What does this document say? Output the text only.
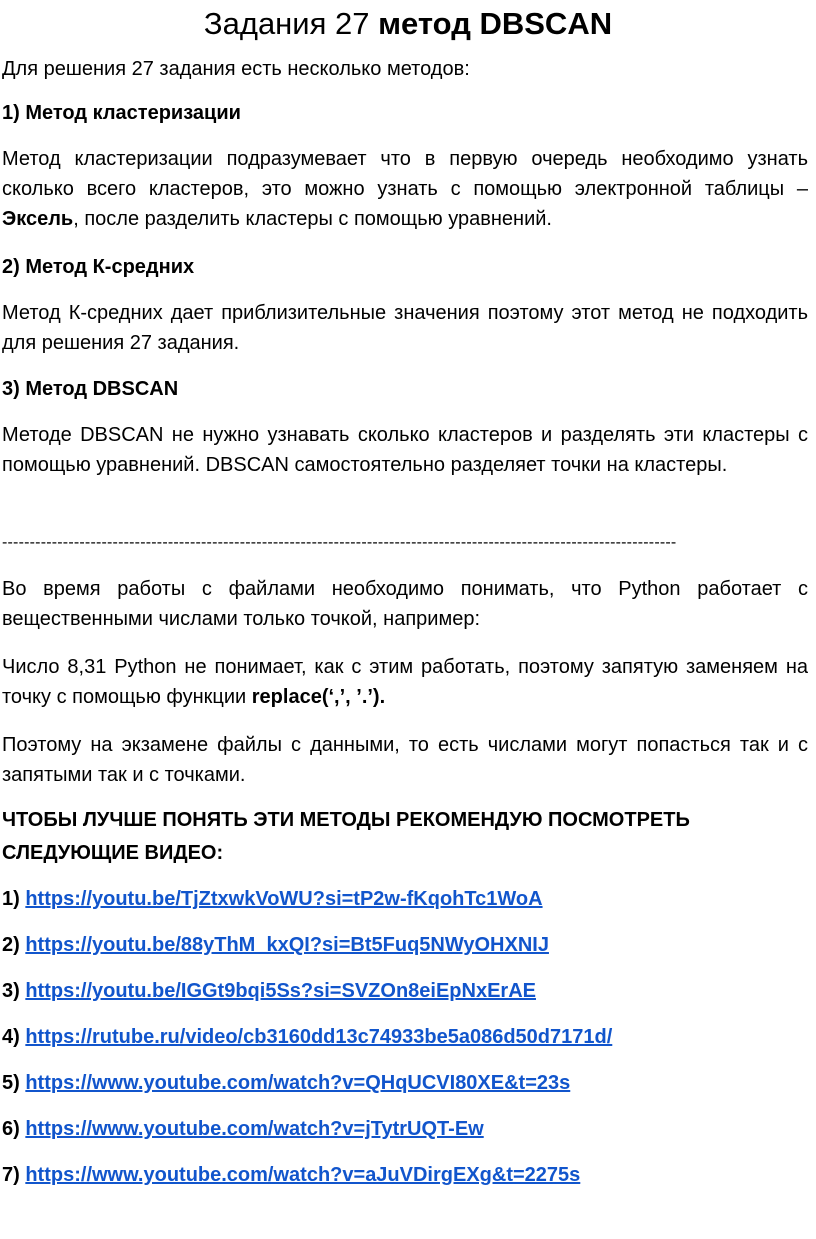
Задания 27 метод DBSCAN

Для решения 27 задания есть несколько методов:

1) Метод кластеризации

Метод кластеризации подразумевает что в первую очередь необходимо узнать сколько всего кластеров, это можно узнать с помощью электронной таблицы – Эксель, после разделить кластеры с помощью уравнений.

2) Метод К-средних

Метод К-средних дает приблизительные значения поэтому этот метод не подходить для решения 27 задания.

3) Метод DBSCAN

Методе DBSCAN не нужно узнавать сколько кластеров и разделять эти кластеры с помощью уравнений. DBSCAN самостоятельно разделяет точки на кластеры.

--------------------------------------------------------------------------------------------------------------------------

Во время работы с файлами необходимо понимать, что Python работает с вещественными числами только точкой, например:

Число 8,31 Python не понимает, как с этим работать, поэтому запятую заменяем на точку с помощью функции replace(‘,’, ’.’).

Поэтому на экзамене файлы с данными, то есть числами могут попасться так и с запятыми так и с точками.

ЧТОБЫ ЛУЧШЕ ПОНЯТЬ ЭТИ МЕТОДЫ РЕКОМЕНДУЮ ПОСМОТРЕТЬ СЛЕДУЮЩИЕ ВИДЕО:

1) https://youtu.be/TjZtxwkVoWU?si=tP2w-fKqohTc1WoA
2) https://youtu.be/88yThM_kxQI?si=Bt5Fuq5NWyOHXNIJ
3) https://youtu.be/IGGt9bqi5Ss?si=SVZOn8eiEpNxErAE
4) https://rutube.ru/video/cb3160dd13c74933be5a086d50d7171d/
5) https://www.youtube.com/watch?v=QHqUCVI80XE&t=23s
6) https://www.youtube.com/watch?v=jTytrUQT-Ew
7) https://www.youtube.com/watch?v=aJuVDirgEXg&t=2275s
